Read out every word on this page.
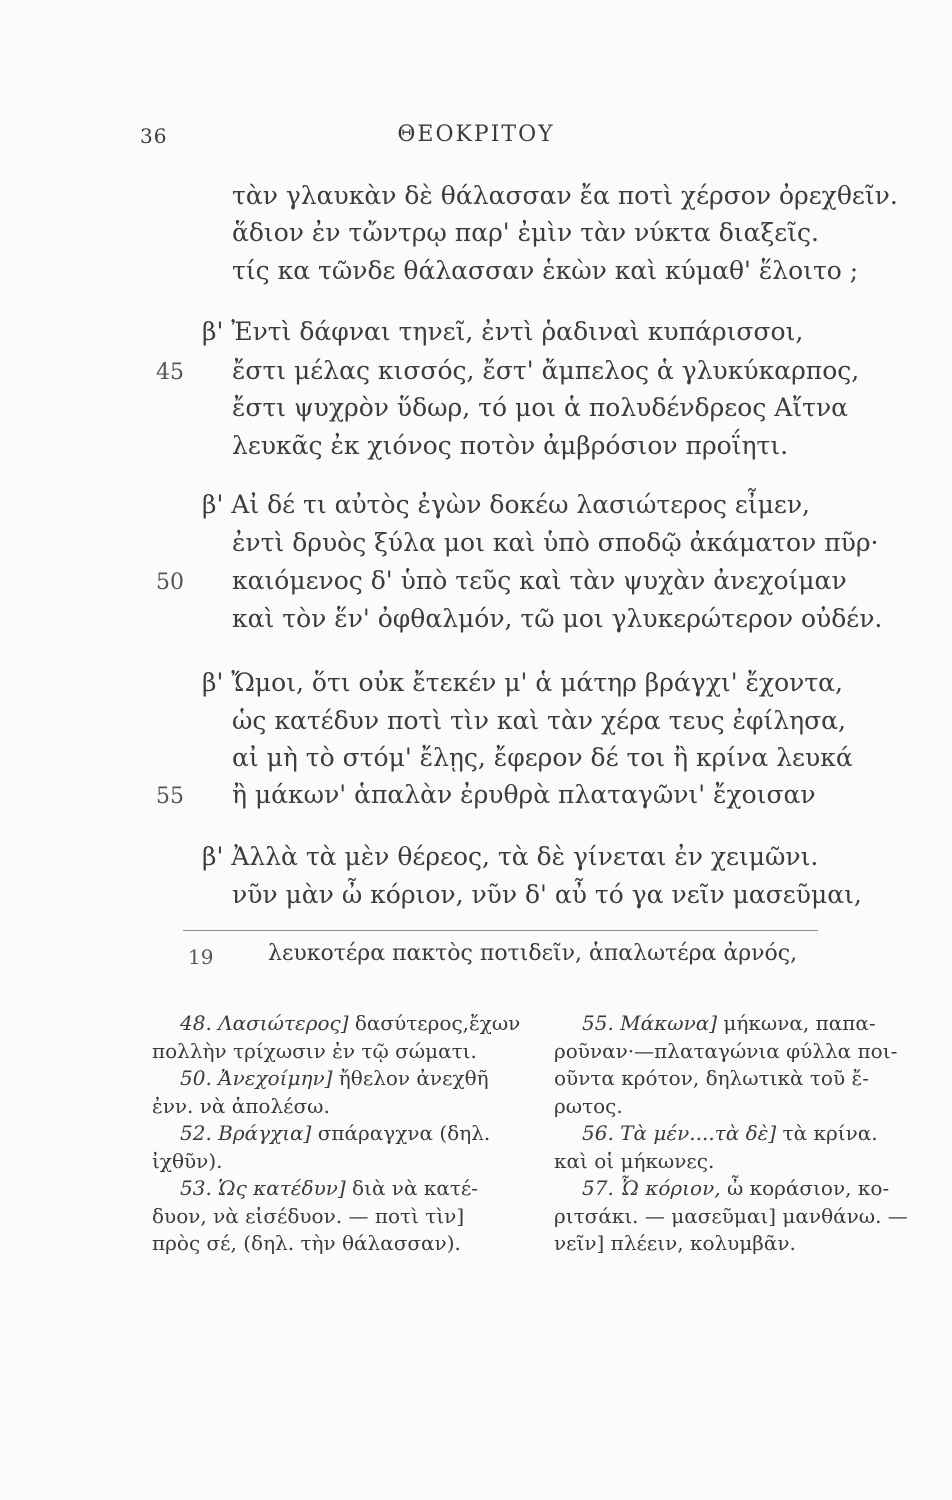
36	ΘΕΟΚΡΙΤΟΥ
τὰν γλαυκὰν δὲ θάλασσαν ἔα ποτὶ χέρσον ὀρεχθεῖν.
ἅδιον ἐν τὤντρῳ παρ' ἐμὶν τὰν νύκτα διαξεῖς.
τίς κα τῶνδε θάλασσαν ἑκὼν καὶ κύμαθ' ἕλοιτο ;
β' Ἐντὶ δάφναι τηνεῖ, ἐντὶ ῥαδιναὶ κυπάρισσοι,
ἔστι μέλας κισσός, ἔστ' ἄμπελος ἁ γλυκύκαρπος,
ἔστι ψυχρὸν ὕδωρ, τό μοι ἁ πολυδένδρεος Αἴτνα
λευκᾶς ἐκ χιόνος ποτὸν ἀμβρόσιον προΐητι.
β' Αἰ δέ τι αὐτὸς ἐγὼν δοκέω λασιώτερος εἶμεν,
ἐντὶ δρυὸς ξύλα μοι καὶ ὑπὸ σποδῷ ἀκάματον πῦρ·
καιόμενος δ' ὑπὸ τεῦς καὶ τὰν ψυχὰν ἀνεχοίμαν
καὶ τὸν ἕν' ὀφθαλμόν, τῶ μοι γλυκερώτερον οὐδέν.
β' Ὤμοι, ὅτι οὐκ ἔτεκέν μ' ἁ μάτηρ βράγχι' ἔχοντα,
ὡς κατέδυν ποτὶ τὶν καὶ τὰν χέρα τευς ἐφίλησα,
αἰ μὴ τὸ στόμ' ἔλῃς, ἔφερον δέ τοι ἢ κρίνα λευκά
ἢ μάκων' ἁπαλὰν ἐρυθρὰ πλαταγῶνι' ἔχοισαν
β' Ἀλλὰ τὰ μὲν θέρεος, τὰ δὲ γίνεται ἐν χειμῶνι.
νῦν μὰν ὦ κόριον, νῦν δ' αὖ τό γα νεῖν μασεῦμαι,
45
50
55
19 λευκοτέρα πακτὸς ποτιδεῖν, ἁπαλωτέρα ἀρνός,
48. Λασιώτερος] δασύτερος,ἔχων
πολλὴν τρίχωσιν ἐν τῷ σώματι.
50. Ἀνεχοίμην] ἤθελον ἀνεχθῆ
ἐνν. νὰ ἀπολέσω.
52. Βράγχια] σπάραγχνα (δηλ.
ἰχθῦν).
53. Ὡς κατέδυν] διὰ νὰ κατέ-
δυον, νὰ εἰσέδυον. — ποτὶ τὶν]
πρὸς σέ, (δηλ. τὴν θάλασσαν).
55. Μάκωνα] μήκωνα, παπα-
ροῦναν·—πλαταγώνια φύλλα ποι-
οῦντα κρότον, δηλωτικὰ τοῦ ἔ-
ρωτος.
56. Τὰ μέν....τὰ δὲ] τὰ κρίνα.
καὶ οἱ μήκωνες.
57. Ὦ κόριον, ὦ κοράσιον, κο-
ριτσάκι. — μασεῦμαι] μανθάνω. —
νεῖν] πλέειν, κολυμβᾶν.
